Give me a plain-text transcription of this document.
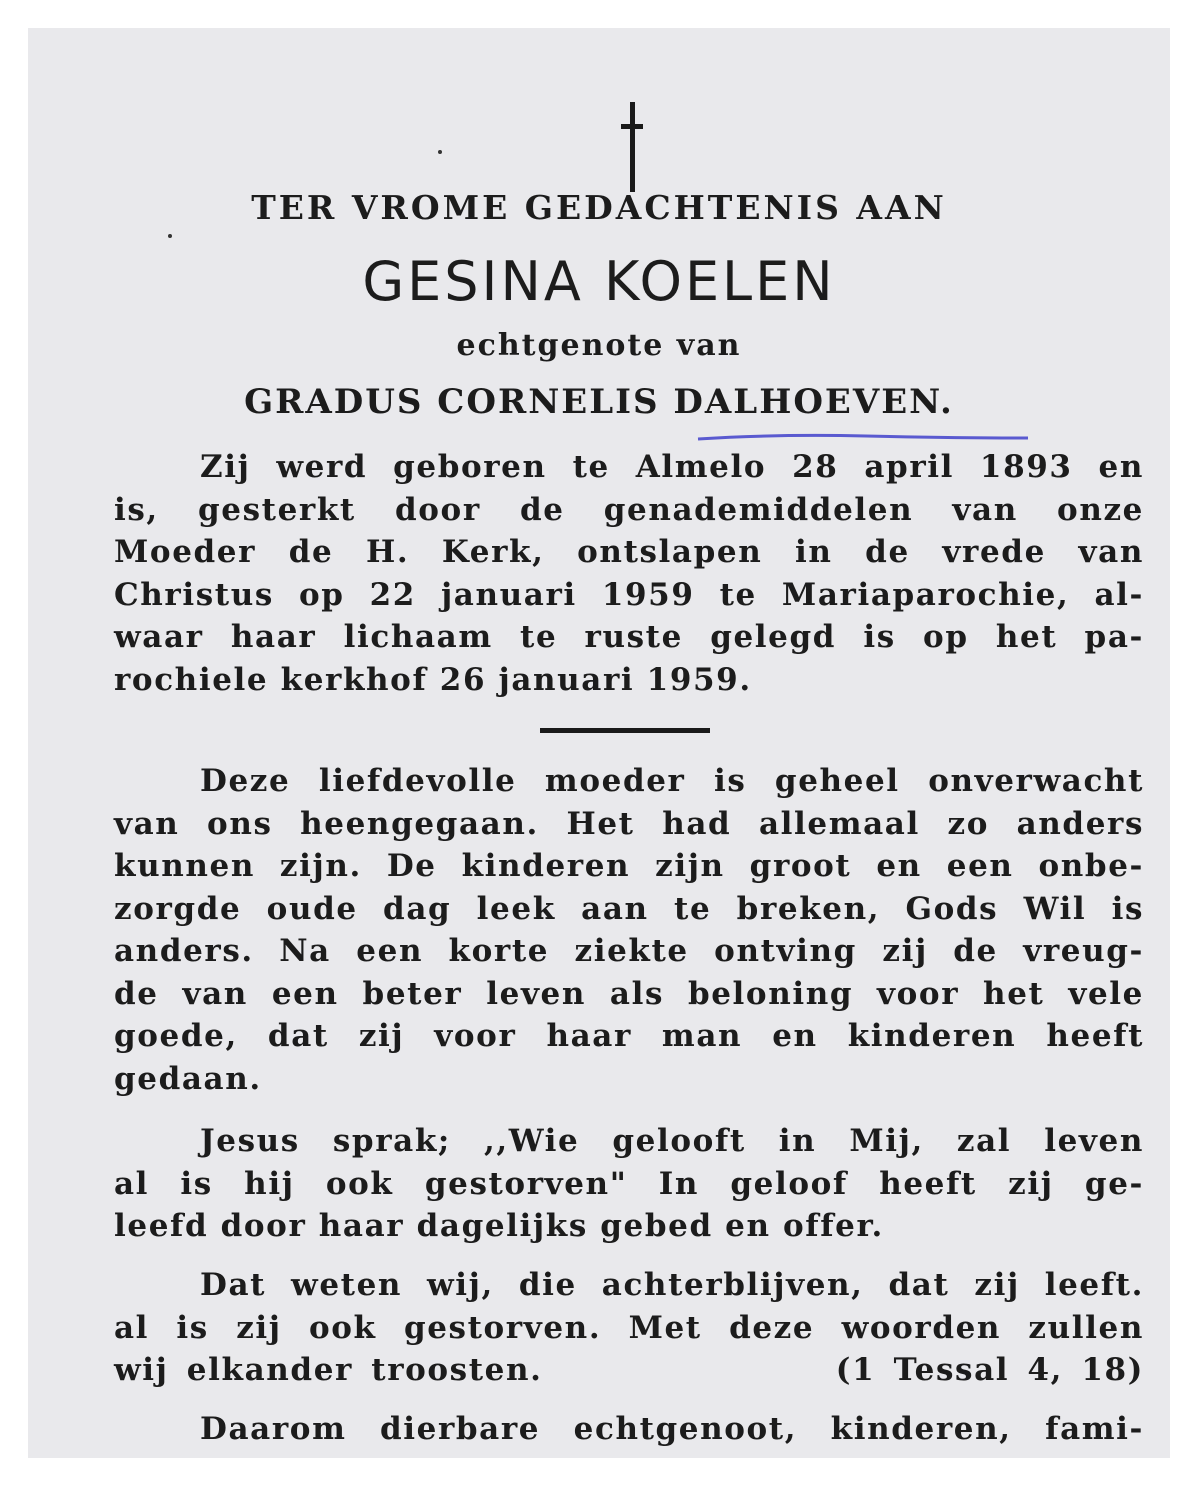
TER VROME GEDACHTENIS AAN
GESINA KOELEN
echtgenote van
GRADUS CORNELIS DALHOEVEN.
Zij werd geboren te Almelo 28 april 1893 en
is, gesterkt door de genademiddelen van onze
Moeder de H. Kerk, ontslapen in de vrede van
Christus op 22 januari 1959 te Mariaparochie, al-
waar haar lichaam te ruste gelegd is op het pa-
rochiele kerkhof 26 januari 1959.
Deze liefdevolle moeder is geheel onverwacht
van ons heengegaan. Het had allemaal zo anders
kunnen zijn. De kinderen zijn groot en een onbe-
zorgde oude dag leek aan te breken, Gods Wil is
anders. Na een korte ziekte ontving zij de vreug-
de van een beter leven als beloning voor het vele
goede, dat zij voor haar man en kinderen heeft
gedaan.
Jesus sprak; ,,Wie gelooft in Mij, zal leven
al is hij ook gestorven" In geloof heeft zij ge-
leefd door haar dagelijks gebed en offer.
Dat weten wij, die achterblijven, dat zij leeft.
al is zij ook gestorven. Met deze woorden zullen
wij elkander troosten.                (1 Tessal 4, 18)
Daarom dierbare echtgenoot, kinderen, fami-
